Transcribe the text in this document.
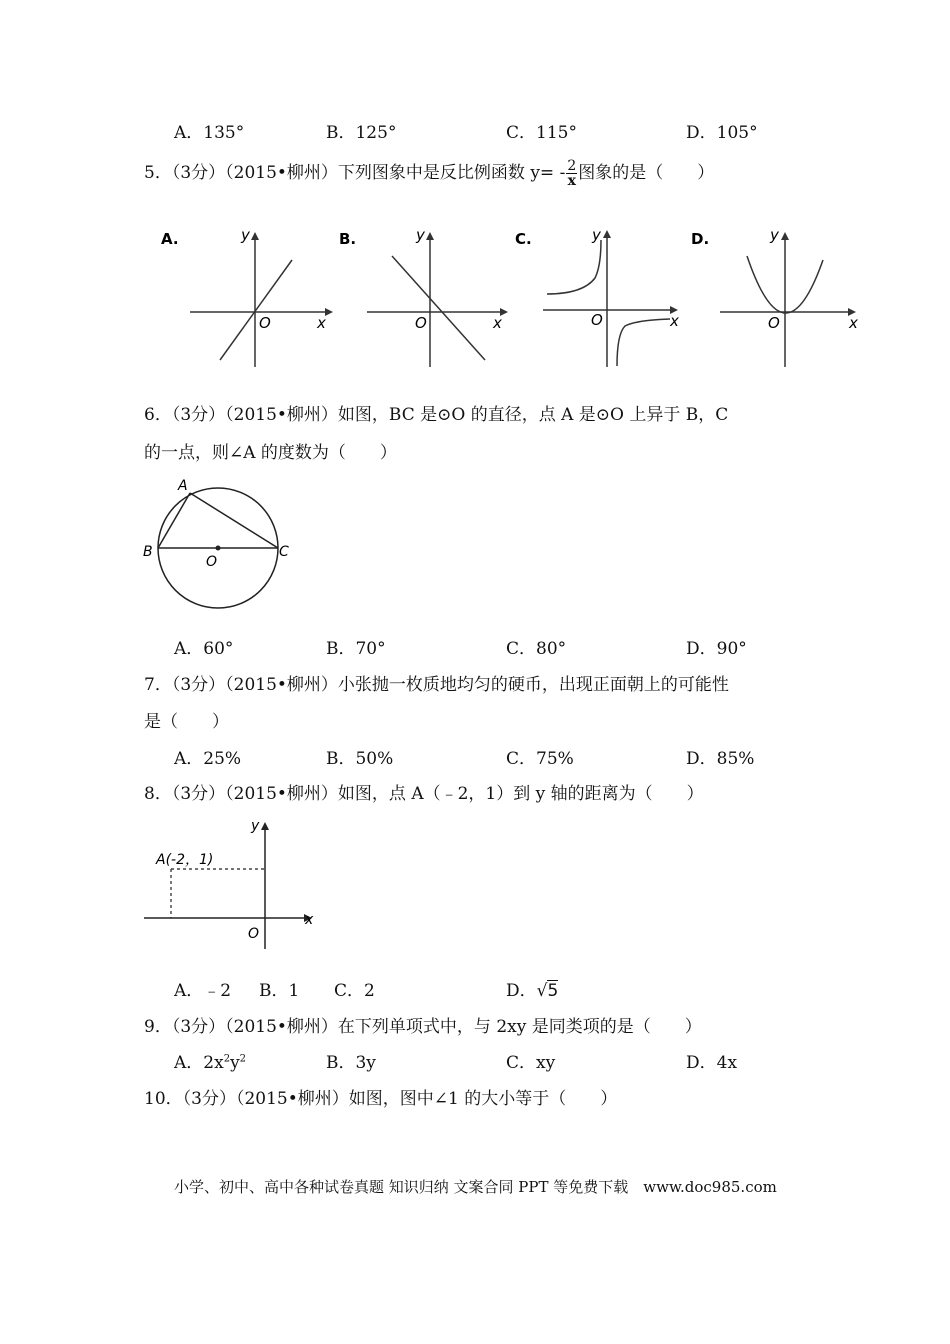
A．135°	B．125°	C．115°	D．105°
5．（3分）（2015•柳州）下列图象中是反比例函数 $y= - \frac{2}{x}$ 图象的是（　　）
A.	y
x
O
B.	y
x
O
C.	y
x
O
D.	y
x
O
6．（3分）（2015•柳州）如图，BC 是⊙O 的直径，点 A 是⊙O 上异于 B，C
的一点，则∠A 的度数为（　　）
A
B	C
O
A．60°	B．70°	C．80°	D．90°
7．（3分）（2015•柳州）小张抛一枚质地均匀的硬币，出现正面朝上的可能性
是（　　）
A．25%	B．50%	C．75%	D．85%
8．（3分）（2015•柳州）如图，点 A（﹣2，1）到 y 轴的距离为（　　）
A(-2，1)
y
x
O
A．﹣2 B．1 C．2	D．√5
9．（3分）（2015•柳州）在下列单项式中，与 2xy 是同类项的是（　　）
A．$2x^2y^2$	B．3y	C．xy	D．4x
10．（3分）（2015•柳州）如图，图中∠1 的大小等于（　　）
小学、初中、高中各种试卷真题 知识归纳 文案合同 PPT 等免费下载　www.doc985.com
